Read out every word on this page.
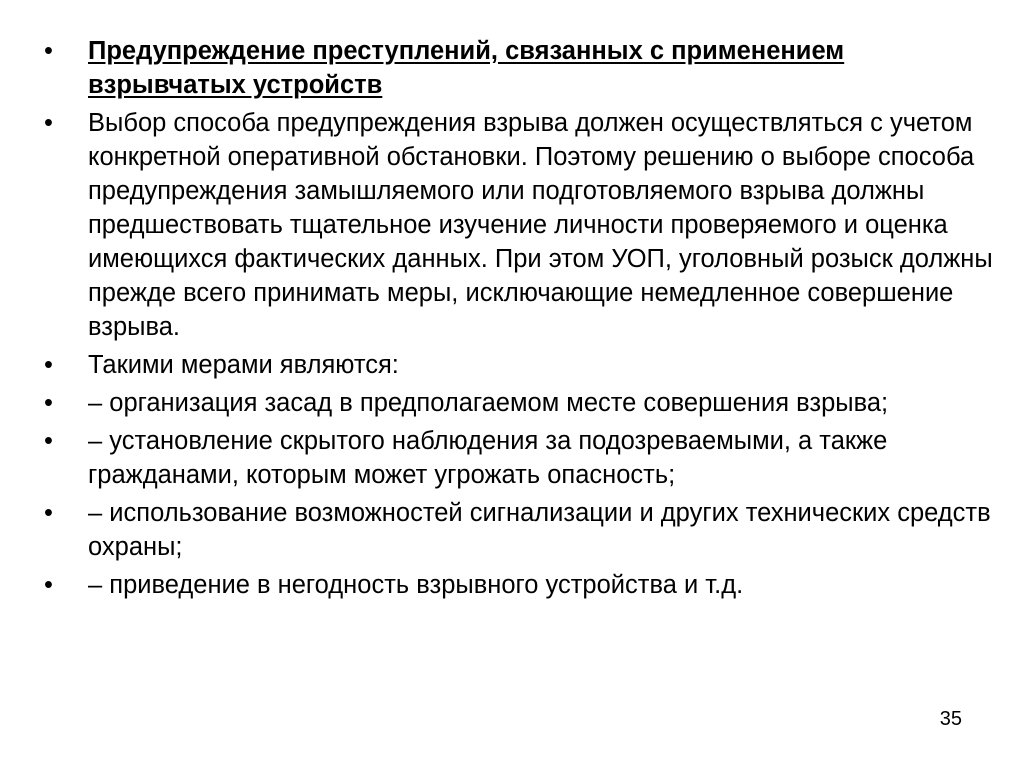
•	Предупреждение преступлений, связанных с применением взрывчатых устройств
•	Выбор способа предупреждения взрыва должен осуществляться с учетом конкретной оперативной обстановки. Поэтому решению о выборе способа предупреждения замышляемого или подготовляемого взрыва должны предшествовать тщательное изучение личности проверяемого и оценка имеющихся фактических данных. При этом УОП, уголовный розыск должны прежде всего принимать меры, исключающие немедленное совершение взрыва.
•	Такими мерами являются:
•	– организация засад в предполагаемом месте совершения взрыва;
•	– установление скрытого наблюдения за подозреваемыми, а также гражданами, которым может угрожать опасность;
•	– использование возможностей сигнализации и других технических средств охраны;
•	– приведение в негодность взрывного устройства и т.д.
35
